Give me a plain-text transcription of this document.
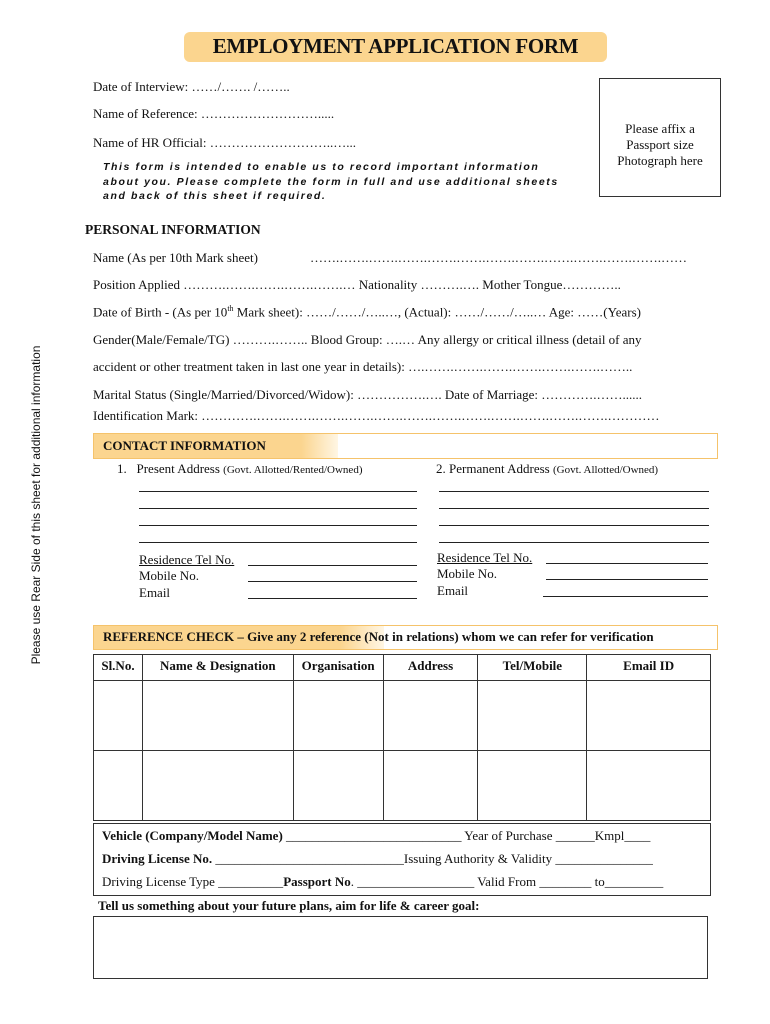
EMPLOYMENT APPLICATION FORM
Date of Interview: ……/……. /……..
Name of Reference: ……………………….....
Name of HR Official: ………………………..…...
This form is intended to enable us to record important information
about you. Please complete the form in full and use additional sheets
and back of this sheet if required.
Please affix a
Passport size
Photograph here
Please use Rear Side of this sheet for additional information
PERSONAL INFORMATION
Name (As per 10th Mark sheet)	…….…….…….…….…….…….…….…….…….…….…….…….……
Position Applied ……….…….…….…….…….… Nationality ……….…. Mother Tongue…………..
Date of Birth - (As per 10th Mark sheet): ……/……/…..…, (Actual): ……/……/…..… Age: ……(Years)
Gender(Male/Female/TG) ……….…….. Blood Group: ….… Any allergy or critical illness (detail of any
accident or other treatment taken in last one year in details): ….…….…….…….…….…….…….……..
Marital Status (Single/Married/Divorced/Widow): …………….…. Date of Marriage: ………….……......
Identification Mark: ………….…….…….…….…….…….…….…….…….…….…….…….…….…………
CONTACT INFORMATION
1. Present Address (Govt. Allotted/Rented/Owned)	2. Permanent Address (Govt. Allotted/Owned)
Residence Tel No.
Mobile No.
Email
Residence Tel No.
Mobile No.
Email
REFERENCE CHECK – Give any 2 reference (Not in relations) whom we can refer for verification
Sl.No.	Name & Designation	Organisation	Address	Tel/Mobile	Email ID

Vehicle (Company/Model Name) ___________________________ Year of Purchase ______Kmpl____
Driving License No. _____________________________Issuing Authority & Validity _______________
Driving License Type __________Passport No. __________________ Valid From ________ to_________
Tell us something about your future plans, aim for life & career goal:
